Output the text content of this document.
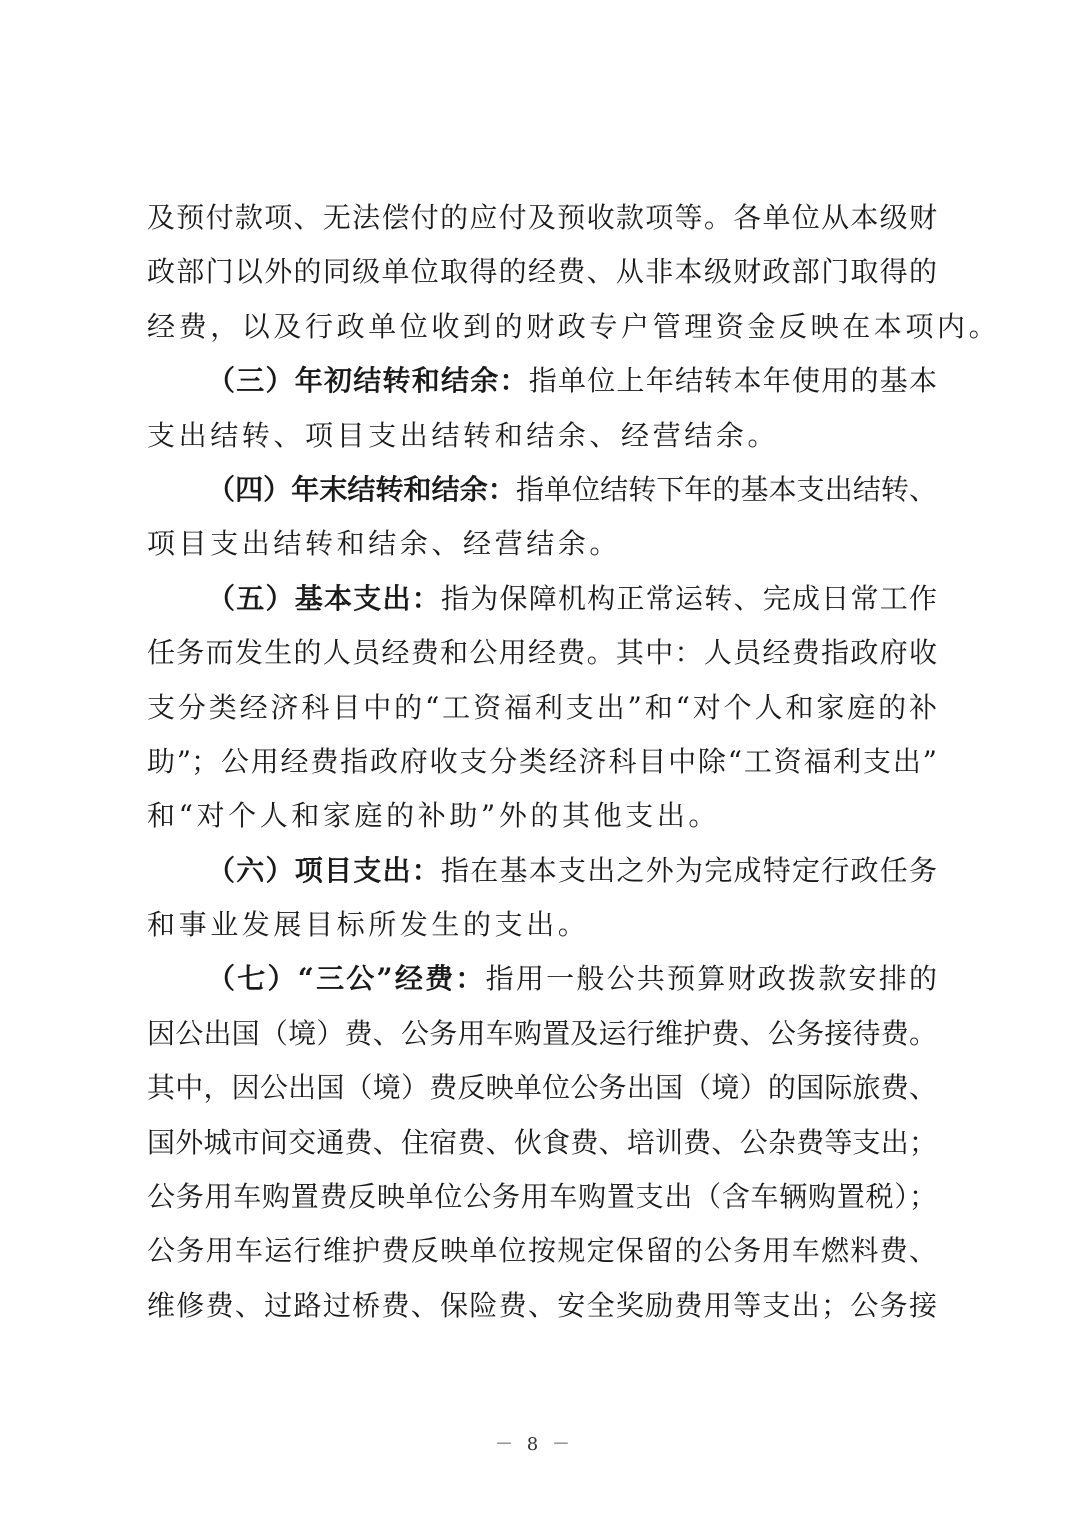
及预付款项、无法偿付的应付及预收款项等。各单位从本级财
政部门以外的同级单位取得的经费、从非本级财政部门取得的
经费，以及行政单位收到的财政专户管理资金反映在本项内。
（三）年初结转和结余：指单位上年结转本年使用的基本
支出结转、项目支出结转和结余、经营结余。
（四）年末结转和结余：指单位结转下年的基本支出结转、
项目支出结转和结余、经营结余。
（五）基本支出：指为保障机构正常运转、完成日常工作
任务而发生的人员经费和公用经费。其中：人员经费指政府收
支分类经济科目中的“工资福利支出”和“对个人和家庭的补
助”；公用经费指政府收支分类经济科目中除“工资福利支出”
和“对个人和家庭的补助”外的其他支出。
（六）项目支出：指在基本支出之外为完成特定行政任务
和事业发展目标所发生的支出。
（七）“三公”经费：指用一般公共预算财政拨款安排的
因公出国（境）费、公务用车购置及运行维护费、公务接待费。
其中，因公出国（境）费反映单位公务出国（境）的国际旅费、
国外城市间交通费、住宿费、伙食费、培训费、公杂费等支出；
公务用车购置费反映单位公务用车购置支出（含车辆购置税）；
公务用车运行维护费反映单位按规定保留的公务用车燃料费、
维修费、过路过桥费、保险费、安全奖励费用等支出；公务接
－ 8 －
